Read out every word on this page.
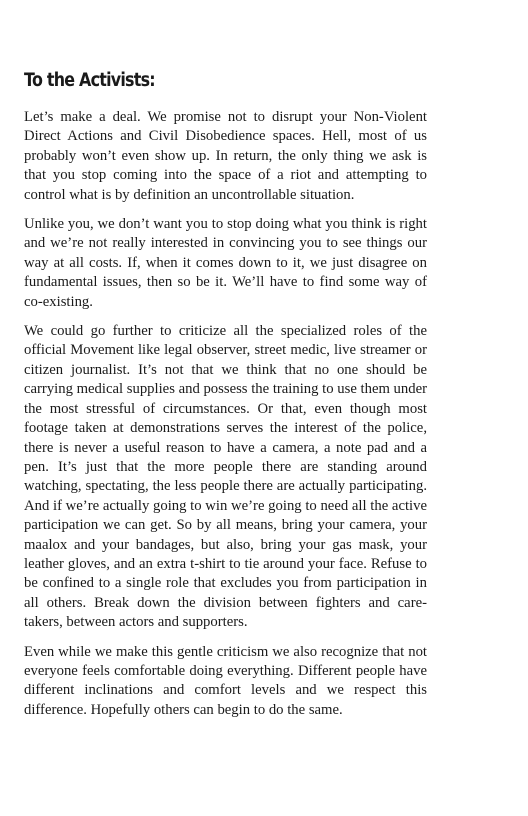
To the Activists:

Let’s make a deal. We promise not to disrupt your Non-Violent Direct Actions and Civil Disobedience spaces. Hell, most of us probably won’t even show up. In return, the only thing we ask is that you stop coming into the space of a riot and attempting to control what is by definition an uncontrollable situation.

Unlike you, we don’t want you to stop doing what you think is right and we’re not really interested in convincing you to see things our way at all costs. If, when it comes down to it, we just disagree on fundamental issues, then so be it. We’ll have to find some way of co-existing.

We could go further to criticize all the specialized roles of the official Movement like legal observer, street medic, live streamer or citizen journalist. It’s not that we think that no one should be carrying medical supplies and possess the training to use them under the most stressful of circumstances. Or that, even though most footage taken at demonstrations serves the interest of the police, there is never a useful reason to have a camera, a note pad and a pen. It’s just that the more people there are standing around watching, spectating, the less people there are actually participating. And if we’re actually going to win we’re going to need all the active participation we can get. So by all means, bring your camera, your maalox and your bandages, but also, bring your gas mask, your leather gloves, and an extra t-shirt to tie around your face. Refuse to be confined to a single role that excludes you from participation in all others. Break down the division between fighters and care-takers, between actors and supporters.

Even while we make this gentle criticism we also recognize that not everyone feels comfortable doing everything. Different people have different inclinations and comfort levels and we respect this difference. Hopefully others can begin to do the same.
